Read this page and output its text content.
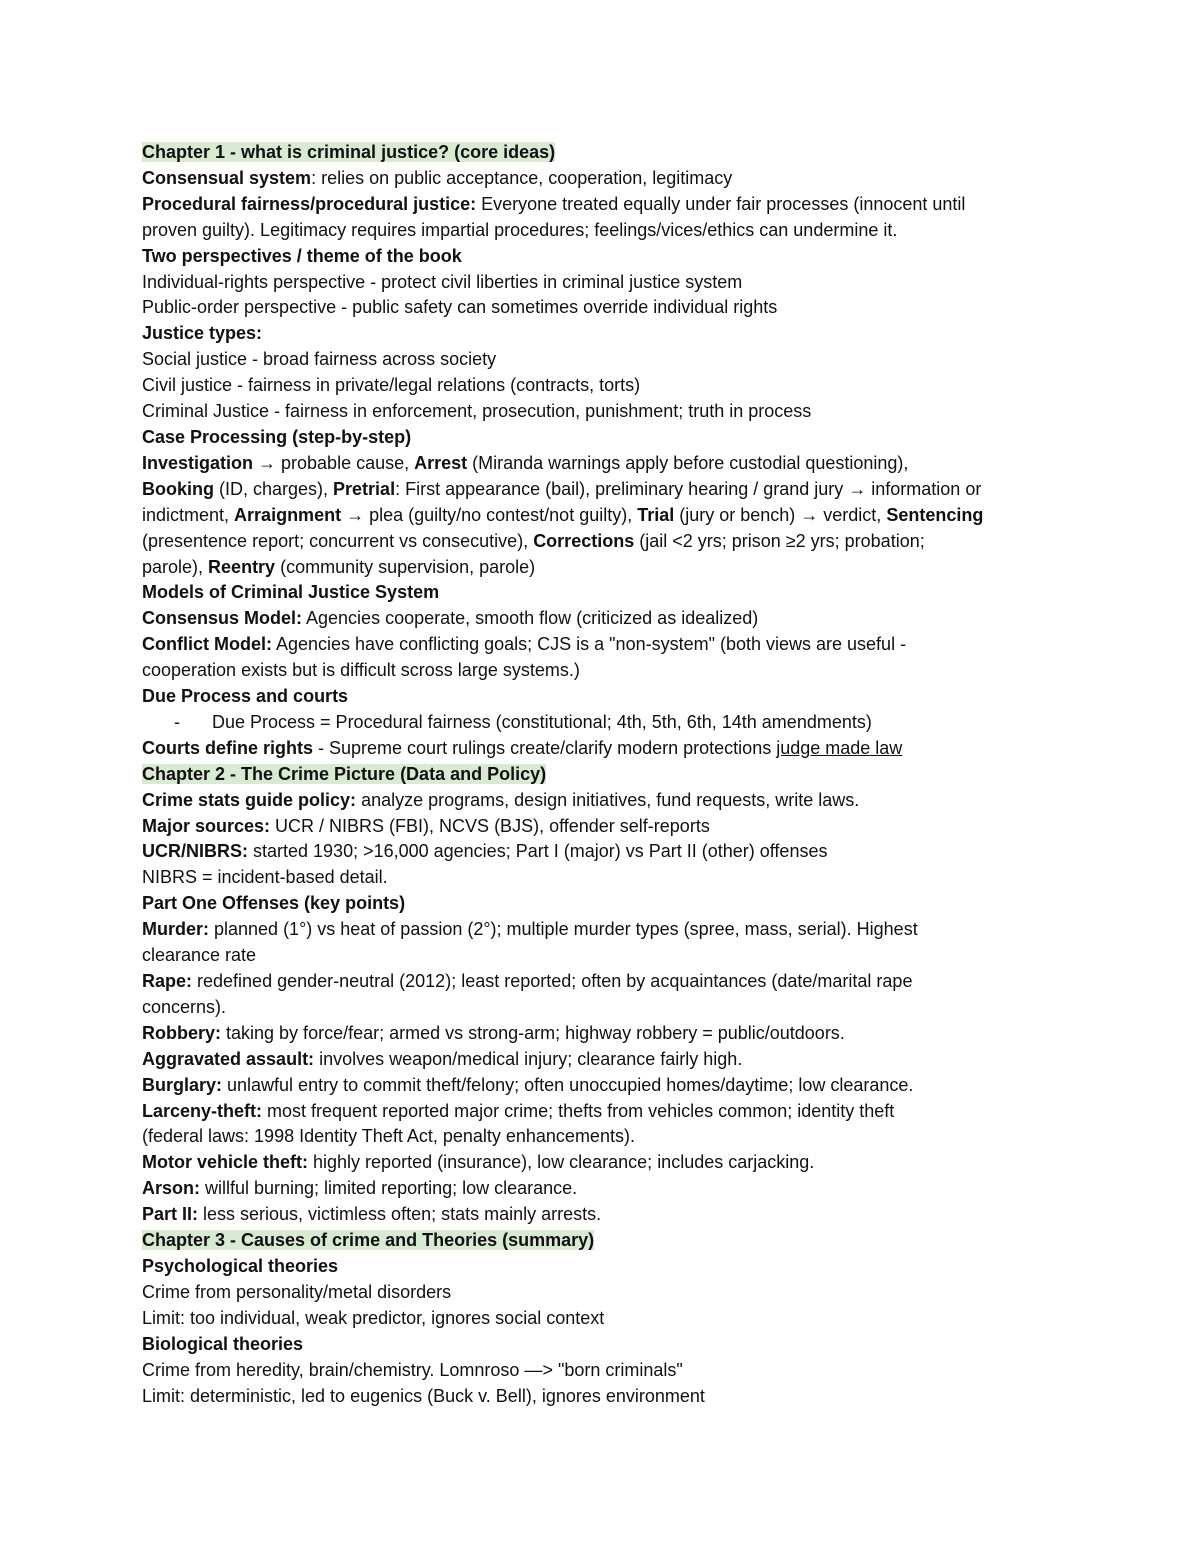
Chapter 1 - what is criminal justice? (core ideas)
Consensual system: relies on public acceptance, cooperation, legitimacy
Procedural fairness/procedural justice: Everyone treated equally under fair processes (innocent until
proven guilty). Legitimacy requires impartial procedures; feelings/vices/ethics can undermine it.
Two perspectives / theme of the book
Individual-rights perspective - protect civil liberties in criminal justice system
Public-order perspective - public safety can sometimes override individual rights
Justice types:
Social justice - broad fairness across society
Civil justice - fairness in private/legal relations (contracts, torts)
Criminal Justice - fairness in enforcement, prosecution, punishment; truth in process
Case Processing (step-by-step)
Investigation → probable cause, Arrest (Miranda warnings apply before custodial questioning),
Booking (ID, charges), Pretrial: First appearance (bail), preliminary hearing / grand jury → information or
indictment, Arraignment → plea (guilty/no contest/not guilty), Trial (jury or bench) → verdict, Sentencing
(presentence report; concurrent vs consecutive), Corrections (jail <2 yrs; prison ≥2 yrs; probation;
parole), Reentry (community supervision, parole)
Models of Criminal Justice System
Consensus Model: Agencies cooperate, smooth flow (criticized as idealized)
Conflict Model: Agencies have conflicting goals; CJS is a "non-system" (both views are useful -
cooperation exists but is difficult scross large systems.)
Due Process and courts
-	Due Process = Procedural fairness (constitutional; 4th, 5th, 6th, 14th amendments)
Courts define rights - Supreme court rulings create/clarify modern protections judge made law
Chapter 2 - The Crime Picture (Data and Policy)
Crime stats guide policy: analyze programs, design initiatives, fund requests, write laws.
Major sources: UCR / NIBRS (FBI), NCVS (BJS), offender self-reports
UCR/NIBRS: started 1930; >16,000 agencies; Part I (major) vs Part II (other) offenses
NIBRS = incident-based detail.
Part One Offenses (key points)
Murder: planned (1°) vs heat of passion (2°); multiple murder types (spree, mass, serial). Highest
clearance rate
Rape: redefined gender-neutral (2012); least reported; often by acquaintances (date/marital rape
concerns).
Robbery: taking by force/fear; armed vs strong-arm; highway robbery = public/outdoors.
Aggravated assault: involves weapon/medical injury; clearance fairly high.
Burglary: unlawful entry to commit theft/felony; often unoccupied homes/daytime; low clearance.
Larceny-theft: most frequent reported major crime; thefts from vehicles common; identity theft
(federal laws: 1998 Identity Theft Act, penalty enhancements).
Motor vehicle theft: highly reported (insurance), low clearance; includes carjacking.
Arson: willful burning; limited reporting; low clearance.
Part II: less serious, victimless often; stats mainly arrests.
Chapter 3 - Causes of crime and Theories (summary)
Psychological theories
Crime from personality/metal disorders
Limit: too individual, weak predictor, ignores social context
Biological theories
Crime from heredity, brain/chemistry. Lomnroso —> "born criminals"
Limit: deterministic, led to eugenics (Buck v. Bell), ignores environment
